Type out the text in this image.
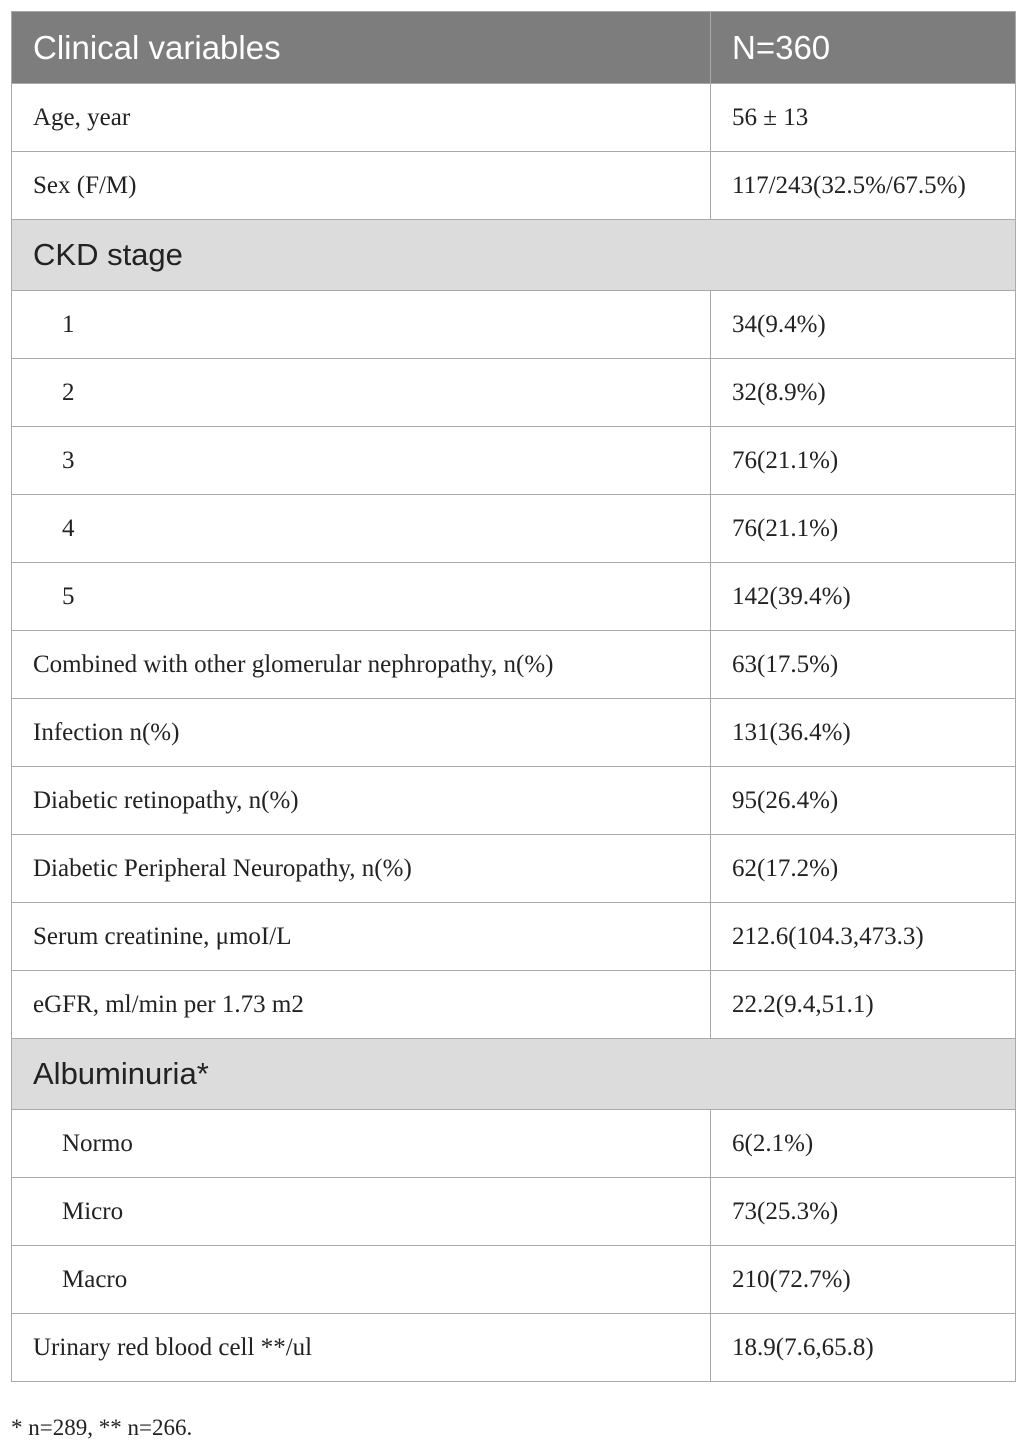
Clinical variables	N=360
Age, year	56 ± 13
Sex (F/M)	117/243(32.5%/67.5%)
CKD stage	
1	34(9.4%)
2	32(8.9%)
3	76(21.1%)
4	76(21.1%)
5	142(39.4%)
Combined with other glomerular nephropathy, n(%)	63(17.5%)
Infection n(%)	131(36.4%)
Diabetic retinopathy, n(%)	95(26.4%)
Diabetic Peripheral Neuropathy, n(%)	62(17.2%)
Serum creatinine, μmoI/L	212.6(104.3,473.3)
eGFR, ml/min per 1.73 m2	22.2(9.4,51.1)
Albuminuria*	
Normo	6(2.1%)
Micro	73(25.3%)
Macro	210(72.7%)
Urinary red blood cell **/ul	18.9(7.6,65.8)
* n=289, ** n=266.
